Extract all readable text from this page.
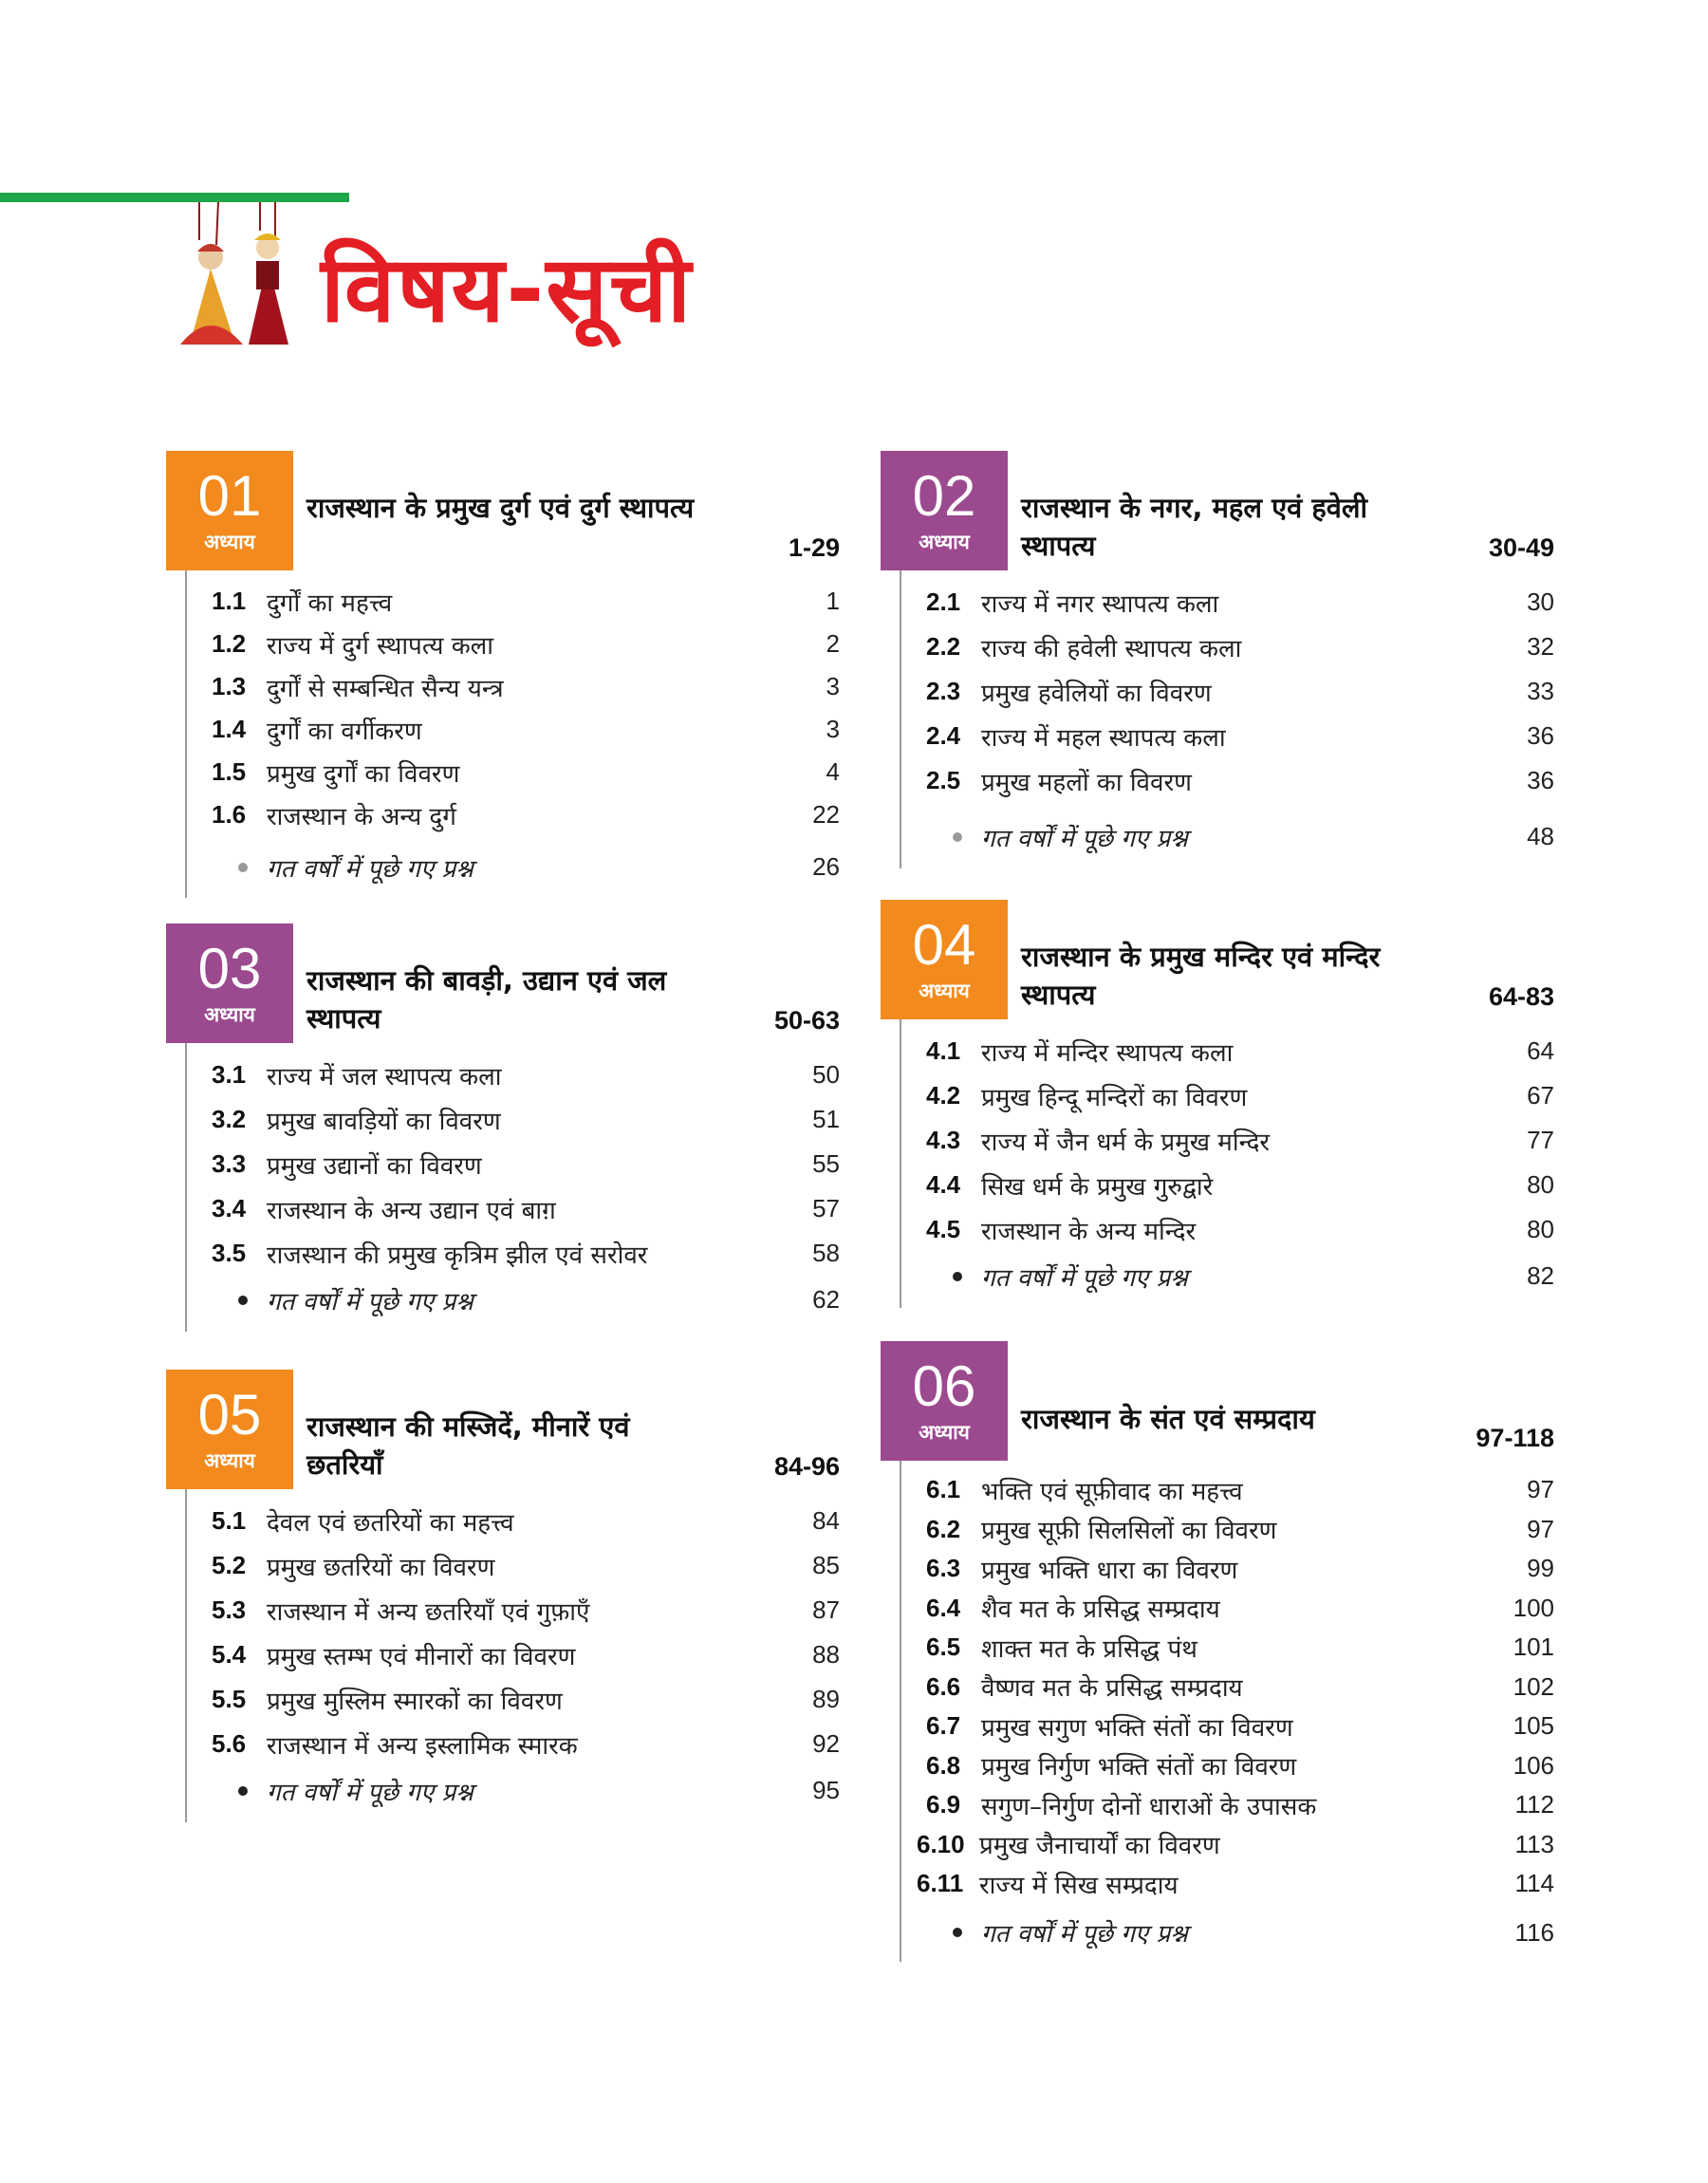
विषय-सूची
01
अध्याय
राजस्थान के प्रमुख दुर्ग एवं दुर्ग स्थापत्य
1-29
1.1 दुर्गों का महत्त्व	1
1.2 राज्य में दुर्ग स्थापत्य कला	2
1.3 दुर्गों से सम्बन्धित सैन्य यन्त्र	3
1.4 दुर्गों का वर्गीकरण	3
1.5 प्रमुख दुर्गों का विवरण	4
1.6 राजस्थान के अन्य दुर्ग	22
गत वर्षों में पूछे गए प्रश्न	26
02
अध्याय
राजस्थान के नगर, महल एवं हवेली स्थापत्य	30-49
2.1 राज्य में नगर स्थापत्य कला	30
2.2 राज्य की हवेली स्थापत्य कला	32
2.3 प्रमुख हवेलियों का विवरण	33
2.4 राज्य में महल स्थापत्य कला	36
2.5 प्रमुख महलों का विवरण	36
गत वर्षों में पूछे गए प्रश्न	48
03
अध्याय
राजस्थान की बावड़ी, उद्यान एवं जल स्थापत्य	50-63
3.1 राज्य में जल स्थापत्य कला	50
3.2 प्रमुख बावड़ियों का विवरण	51
3.3 प्रमुख उद्यानों का विवरण	55
3.4 राजस्थान के अन्य उद्यान एवं बाग़	57
3.5 राजस्थान की प्रमुख कृत्रिम झील एवं सरोवर	58
गत वर्षों में पूछे गए प्रश्न	62
04
अध्याय
राजस्थान के प्रमुख मन्दिर एवं मन्दिर स्थापत्य	64-83
4.1 राज्य में मन्दिर स्थापत्य कला	64
4.2 प्रमुख हिन्दू मन्दिरों का विवरण	67
4.3 राज्य में जैन धर्म के प्रमुख मन्दिर	77
4.4 सिख धर्म के प्रमुख गुरुद्वारे	80
4.5 राजस्थान के अन्य मन्दिर	80
गत वर्षों में पूछे गए प्रश्न	82
05
अध्याय
राजस्थान की मस्जिदें, मीनारें एवं छतरियाँ	84-96
5.1 देवल एवं छतरियों का महत्त्व	84
5.2 प्रमुख छतरियों का विवरण	85
5.3 राजस्थान में अन्य छतरियाँ एवं गुफ़ाएँ	87
5.4 प्रमुख स्तम्भ एवं मीनारों का विवरण	88
5.5 प्रमुख मुस्लिम स्मारकों का विवरण	89
5.6 राजस्थान में अन्य इस्लामिक स्मारक	92
गत वर्षों में पूछे गए प्रश्न	95
06
अध्याय	राजस्थान के संत एवं सम्प्रदाय
97-118
6.1 भक्ति एवं सूफ़ीवाद का महत्त्व	97
6.2 प्रमुख सूफ़ी सिलसिलों का विवरण	97
6.3 प्रमुख भक्ति धारा का विवरण	99
6.4 शैव मत के प्रसिद्ध सम्प्रदाय	100
6.5 शाक्त मत के प्रसिद्ध पंथ	101
6.6 वैष्णव मत के प्रसिद्ध सम्प्रदाय	102
6.7 प्रमुख सगुण भक्ति संतों का विवरण	105
6.8 प्रमुख निर्गुण भक्ति संतों का विवरण	106
6.9 सगुण–निर्गुण दोनों धाराओं के उपासक	112
6.10 प्रमुख जैनाचार्यों का विवरण	113
6.11 राज्य में सिख सम्प्रदाय	114
गत वर्षों में पूछे गए प्रश्न	116
